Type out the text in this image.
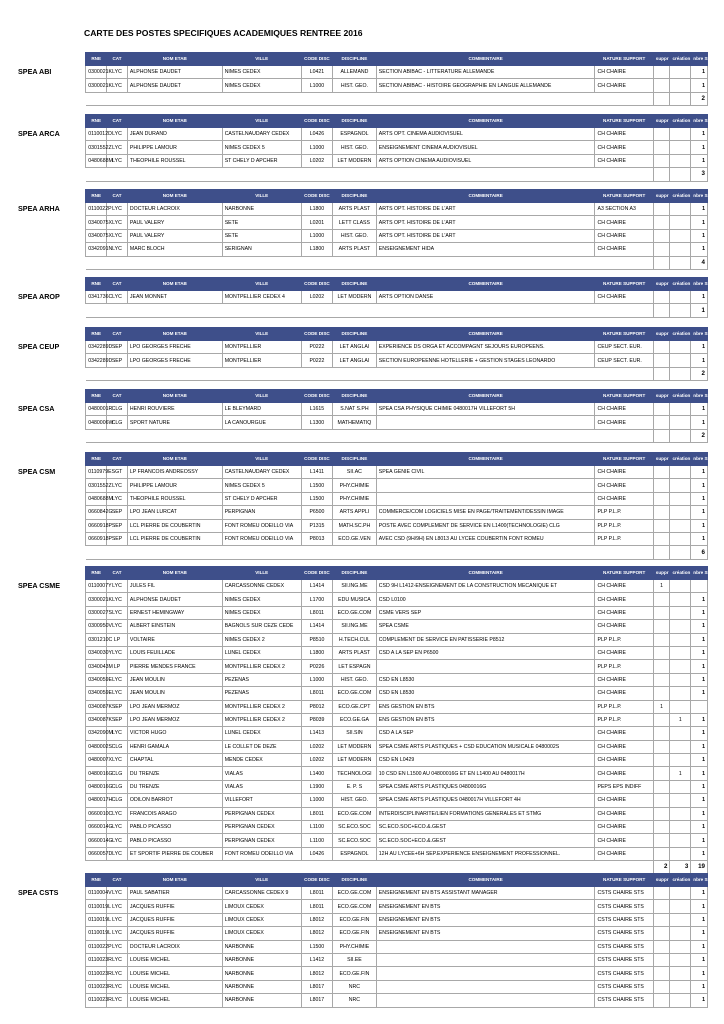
CARTE DES POSTES SPECIFIQUES ACADEMIQUES RENTREE 2016
	RNE	CAT	NOM ETAB	VILLE	CODE DISC	DISCIPLINE	COMMENTAIRE	NATURE SUPPORT	suppr	création	nbre SPEA
SPEA ABI	0300021K	LYC	ALPHONSE DAUDET	NIMES CEDEX	L0421	ALLEMAND	SECTION ABIBAC - LITTERATURE ALLEMANDE	CH CHAIRE			1
	0300021K	LYC	ALPHONSE DAUDET	NIMES CEDEX	L1000	HIST. GEO.	SECTION ABIBAC - HISTOIRE GEOGRAPHIE EN LANGUE ALLEMANDE	CH CHAIRE			1
											2
	RNE	CAT	NOM ETAB	VILLE	CODE DISC	DISCIPLINE	COMMENTAIRE	NATURE SUPPORT	suppr	création	nbre SPEA
SPEA ARCA	0110012D	LYC	JEAN DURAND	CASTELNAUDARY CEDEX	L0426	ESPAGNOL	ARTS OPT. CINEMA AUDIOVISUEL	CH CHAIRE			1
	0301552Z	LYC	PHILIPPE LAMOUR	NIMES CEDEX 5	L1000	HIST. GEO.	ENSEIGNEMENT CINEMA AUDIOVISUEL	CH CHAIRE			1
	0480688M	LYC	THEOPHILE ROUSSEL	ST CHELY D APCHER	L0202	LET MODERN	ARTS OPTION CINEMA AUDIOVISUEL	CH CHAIRE			1
											3
	RNE	CAT	NOM ETAB	VILLE	CODE DISC	DISCIPLINE	COMMENTAIRE	NATURE SUPPORT	suppr	création	nbre SPEA
SPEA ARHA	0110022P	LYC	DOCTEUR LACROIX	NARBONNE	L1800	ARTS PLAST	ARTS OPT. HISTOIRE DE L'ART	A3 SECTION A3			1
	0340075X	LYC	PAUL VALERY	SETE	L0201	LETT CLASS	ARTS OPT. HISTOIRE DE L'ART	CH CHAIRE			1
	0340075X	LYC	PAUL VALERY	SETE	L1000	HIST. GEO.	ARTS OPT. HISTOIRE DE L'ART	CH CHAIRE			1
	0342091N	LYC	MARC BLOCH	SERIGNAN	L1800	ARTS PLAST	ENSEIGNEMENT HIDA	CH CHAIRE			1
											4
	RNE	CAT	NOM ETAB	VILLE	CODE DISC	DISCIPLINE	COMMENTAIRE	NATURE SUPPORT	suppr	création	nbre SPEA
SPEA AROP	0341736C	LYC	JEAN MONNET	MONTPELLIER CEDEX 4	L0202	LET MODERN	ARTS OPTION DANSE	CH CHAIRE			1
											1
	RNE	CAT	NOM ETAB	VILLE	CODE DISC	DISCIPLINE	COMMENTAIRE	NATURE SUPPORT	suppr	création	nbre SPEA
SPEA CEUP	0342289D	SEP	LPO GEORGES FRECHE	MONTPELLIER	P0222	LET ANGLAI	EXPERIENCE DS ORGA ET ACCOMPAGNT SEJOURS EUROPEENS.	CEUP SECT. EUR.			1
	0342289D	SEP	LPO GEORGES FRECHE	MONTPELLIER	P0222	LET ANGLAI	SECTION EUROPEENNE HOTELLERIE + GESTION STAGES LEONARDO	CEUP SECT. EUR.			1
											2
	RNE	CAT	NOM ETAB	VILLE	CODE DISC	DISCIPLINE	COMMENTAIRE	NATURE SUPPORT	suppr	création	nbre SPEA
SPEA CSA	0480001R	CLG	HENRI ROUVIERE	LE BLEYMARD	L1615	S.NAT S.PH	SPEA CSA PHYSIQUE CHIMIE 0480017H VILLEFORT 5H	CH CHAIRE			1
	0480006W	CLG	SPORT NATURE	LA CANOURGUE	L1300	MATHEMATIQ		CH CHAIRE			1
											2
	RNE	CAT	NOM ETAB	VILLE	CODE DISC	DISCIPLINE	COMMENTAIRE	NATURE SUPPORT	suppr	création	nbre SPEA
SPEA CSM	0110979E	SGT	LP FRANCOIS ANDREOSSY	CASTELNAUDARY CEDEX	L1411	SII.AC	SPEA GENIE CIVIL	CH CHAIRE			1
	0301552Z	LYC	PHILIPPE LAMOUR	NIMES CEDEX 5	L1500	PHY.CHIMIE		CH CHAIRE			1
	0480688M	LYC	THEOPHILE ROUSSEL	ST CHELY D APCHER	L1500	PHY.CHIMIE		CH CHAIRE			1
	0660842G	SEP	LPO JEAN LURCAT	PERPIGNAN	P6500	ARTS APPLI	COMMERCE/COM LOGICIELS MISE EN PAGE/TRAITEMENT/DESSIN IMAGE	PLP P.L.P.			1
	0660918P	SEP	LCL PIERRE DE COUBERTIN	FONT ROMEU ODEILLO VIA	P1315	MATH.SC.PH	POSTE AVEC COMPLEMENT DE SERVICE EN L1400(TECHNOLOGIE) CLG	PLP P.L.P.			1
	0660918P	SEP	LCL PIERRE DE COUBERTIN	FONT ROMEU ODEILLO VIA	P8013	ECO.GE.VEN	AVEC CSD (9H/9H) EN L8013 AU LYCEE COUBERTIN FONT ROMEU	PLP P.L.P.			1
											6
	RNE	CAT	NOM ETAB	VILLE	CODE DISC	DISCIPLINE	COMMENTAIRE	NATURE SUPPORT	suppr	création	nbre SPEA
SPEA CSME	0110007Y	LYC	JULES FIL	CARCASSONNE CEDEX	L1414	SII.ING.ME	CSD 9H L1412-ENSEIGNEMENT DE LA CONSTRUCTION MECANIQUE ET	CH CHAIRE	1		
	0300021K	LYC	ALPHONSE DAUDET	NIMES CEDEX	L1700	EDU MUSICA	CSD L0100	CH CHAIRE			1
	0300027S	LYC	ERNEST HEMINGWAY	NIMES CEDEX	L8011	ECO.GE.COM	CSME VERS SEP	CH CHAIRE			1
	0300950V	LYC	ALBERT EINSTEIN	BAGNOLS SUR CEZE CEDE	L1414	SII.ING.ME	SPEA CSME	CH CHAIRE			1
	0301210C	LP	VOLTAIRE	NIMES CEDEX 2	P8510	H.TECH.CUL	COMPLEMENT DE SERVICE EN PATISSERIE P8512	PLP P.L.P.			1
	0340030Y	LYC	LOUIS FEUILLADE	LUNEL CEDEX	L1800	ARTS PLAST	CSD A LA SEP EN P6500	CH CHAIRE			1
	0340043M	LP	PIERRE MENDES FRANCE	MONTPELLIER CEDEX 2	P0226	LET ESPAGN		PLP P.L.P.			1
	0340059E	LYC	JEAN MOULIN	PEZENAS	L1000	HIST. GEO.	CSD EN L8530	CH CHAIRE			1
	0340059E	LYC	JEAN MOULIN	PEZENAS	L8011	ECO.GE.COM	CSD EN L8530	CH CHAIRE			1
	0340087K	SEP	LPO JEAN MERMOZ	MONTPELLIER CEDEX 2	P8012	ECO.GE.CPT	ENS GESTION EN BTS	PLP P.L.P.	1		
	0340087K	SEP	LPO JEAN MERMOZ	MONTPELLIER CEDEX 2	P8039	ECO.GE.GA	ENS GESTION EN BTS	PLP P.L.P.		1	1
	0342090M	LYC	VICTOR HUGO	LUNEL CEDEX	L1413	SII.SIN	CSD A LA SEP	CH CHAIRE			1
	0480002S	CLG	HENRI GAMALA	LE COLLET DE DEZE	L0202	LET MODERN	SPEA CSME ARTS PLASTIQUES + CSD EDUCATION MUSICALE 0480002S	CH CHAIRE			1
	0480007X	LYC	CHAPTAL	MENDE CEDEX	L0202	LET MODERN	CSD EN L0429	CH CHAIRE			1
	0480016G	CLG	DU TRENZE	VIALAS	L1400	TECHNOLOGI	10 CSD EN L1500 AU 04800016G ET EN L1400 AU 0480017H	CH CHAIRE		1	1
	0480016G	CLG	DU TRENZE	VIALAS	L1900	E. P. S	SPEA CSME ARTS PLASTIQUES 04800016G	PEPS EPS INDIFF			1
	0480017H	CLG	ODILON BARROT	VILLEFORT	L1000	HIST. GEO.	SPEA CSME ARTS PLASTIQUES 0480017H VILLEFORT 4H	CH CHAIRE			1
	0660010C	LYC	FRANCOIS ARAGO	PERPIGNAN CEDEX	L8011	ECO.GE.COM	INTERDISCIPLINARITE/LIEN FORMATIONS GENERALES ET STMG	CH CHAIRE			1
	0660014G	LYC	PABLO PICASSO	PERPIGNAN CEDEX	L1100	SC.ECO.SOC	SC.ECO.SOC+ECO.&.GEST	CH CHAIRE			1
	0660014G	LYC	PABLO PICASSO	PERPIGNAN CEDEX	L1100	SC.ECO.SOC	SC.ECO.SOC+ECO.&.GEST	CH CHAIRE			1
	0660057D	LYC	ET SPORTIF PIERRE DE COUBER	FONT ROMEU ODEILLO VIA	L0426	ESPAGNOL	12H AU LYCEE+6H SEP.EXPERIENCE ENSEIGNEMENT PROFESSIONNEL.	CH CHAIRE			1
									2	3	19
	RNE	CAT	NOM ETAB	VILLE	CODE DISC	DISCIPLINE	COMMENTAIRE	NATURE SUPPORT	suppr	création	nbre SPEA
SPEA CSTS	0110004V	LYC	PAUL SABATIER	CARCASSONNE CEDEX 9	L8011	ECO.GE.COM	ENSEIGNEMENT EN BTS ASSISTANT MANAGER	CSTS CHAIRE STS			1
	0110019L	LYC	JACQUES RUFFIE	LIMOUX CEDEX	L8011	ECO.GE.COM	ENSEIGNEMENT EN BTS	CSTS CHAIRE STS			1
	0110019L	LYC	JACQUES RUFFIE	LIMOUX CEDEX	L8012	ECO.GE.FIN	ENSEIGNEMENT EN BTS	CSTS CHAIRE STS			1
	0110019L	LYC	JACQUES RUFFIE	LIMOUX CEDEX	L8012	ECO.GE.FIN	ENSEIGNEMENT EN BTS	CSTS CHAIRE STS			1
	0110022P	LYC	DOCTEUR LACROIX	NARBONNE	L1500	PHY.CHIMIE		CSTS CHAIRE STS			1
	0110023R	LYC	LOUISE MICHEL	NARBONNE	L1412	SII.EE		CSTS CHAIRE STS			1
	0110023R	LYC	LOUISE MICHEL	NARBONNE	L8012	ECO.GE.FIN		CSTS CHAIRE STS			1
	0110023R	LYC	LOUISE MICHEL	NARBONNE	L8017	NRC		CSTS CHAIRE STS			1
	0110023R	LYC	LOUISE MICHEL	NARBONNE	L8017	NRC		CSTS CHAIRE STS			1
